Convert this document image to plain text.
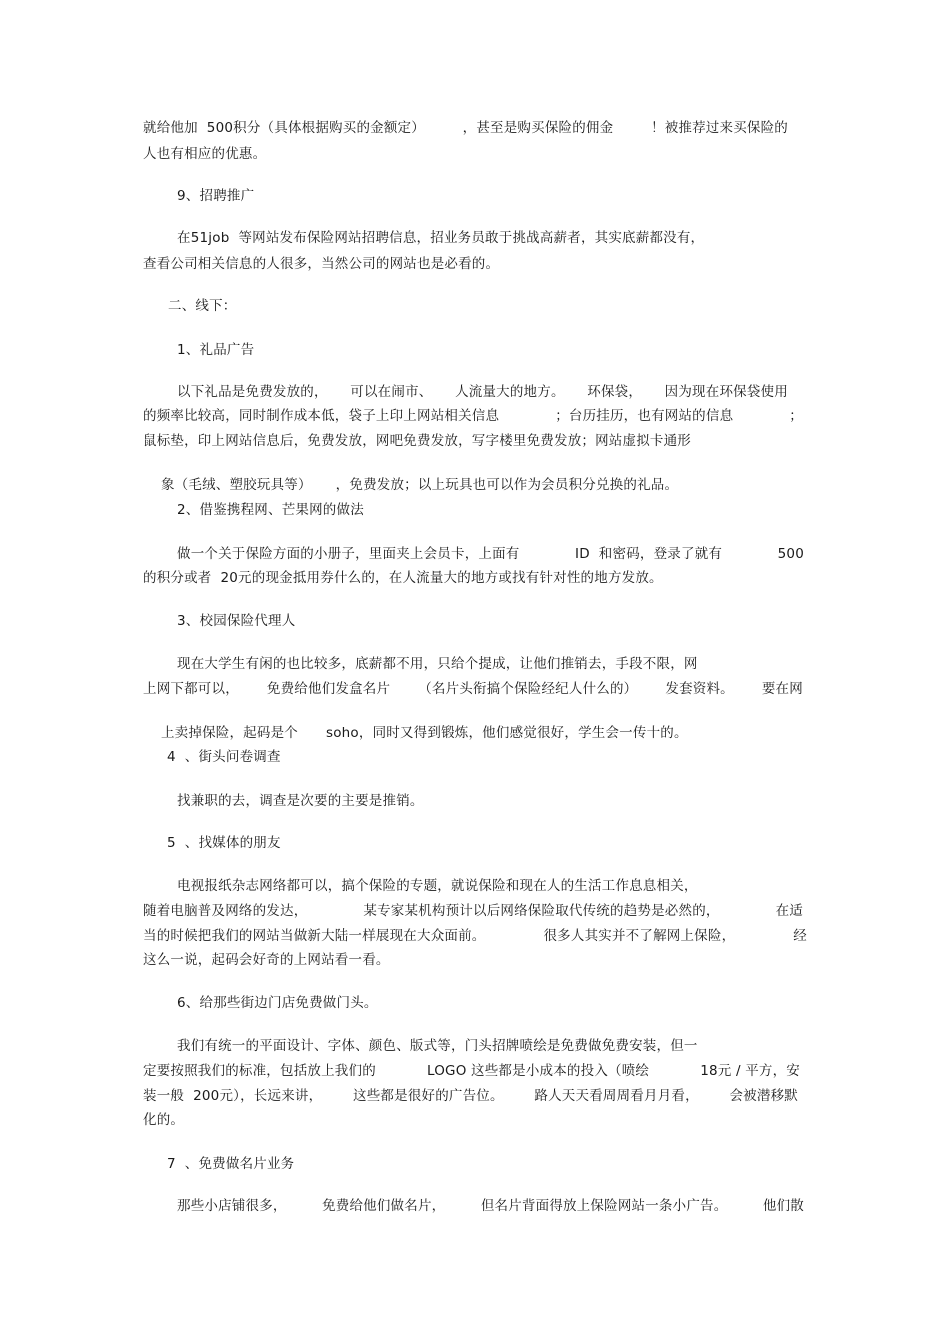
就给他加  500积分（具体根据购买的金额定）	，甚至是购买保险的佣金	！被推荐过来买保险的
人也有相应的优惠。
9、招聘推广
在51job  等网站发布保险网站招聘信息，招业务员敢于挑战高薪者，其实底薪都没有，
查看公司相关信息的人很多，当然公司的网站也是必看的。
二、线下：
1、礼品广告
以下礼品是免费发放的， 可以在闹市、 人流量大的地方。 环保袋， 因为现在环保袋使用
的频率比较高，同时制作成本低，袋子上印上网站相关信息	；台历挂历，也有网站的信息	；
鼠标垫，印上网站信息后，免费发放，网吧免费发放，写字楼里免费发放；网站虚拟卡通形

象（毛绒、塑胶玩具等） ，免费发放；以上玩具也可以作为会员积分兑换的礼品。

2、借鉴携程网、芒果网的做法
做一个关于保险方面的小册子，里面夹上会员卡，上面有	ID  和密码，登录了就有	500
的积分或者  20元的现金抵用券什么的，在人流量大的地方或找有针对性的地方发放。
3、校园保险代理人
现在大学生有闲的也比较多，底薪都不用，只给个提成，让他们推销去，手段不限，网
上网下都可以， 免费给他们发盒名片 （名片头衔搞个保险经纪人什么的） 发套资料。 要在网

上卖掉保险，起码是个 soho，同时又得到锻炼，他们感觉很好，学生会一传十的。

4  、街头问卷调查
找兼职的去，调查是次要的主要是推销。
5  、找媒体的朋友
电视报纸杂志网络都可以，搞个保险的专题，就说保险和现在人的生活工作息息相关，
随着电脑普及网络的发达，	某专家某机构预计以后网络保险取代传统的趋势是必然的，	在适
当的时候把我们的网站当做新大陆一样展现在大众面前。	很多人其实并不了解网上保险，	经
这么一说，起码会好奇的上网站看一看。
6、给那些街边门店免费做门头。
我们有统一的平面设计、字体、颜色、版式等，门头招牌喷绘是免费做免费安装，但一
定要按照我们的标准，包括放上我们的	LOGO 这些都是小成本的投入（喷绘	18元 / 平方，安
装一般  200元），长远来讲， 这些都是很好的广告位。 路人天天看周周看月月看， 会被潜移默
化的。
7  、免费做名片业务
那些小店铺很多，	免费给他们做名片，	但名片背面得放上保险网站一条小广告。	他们散
